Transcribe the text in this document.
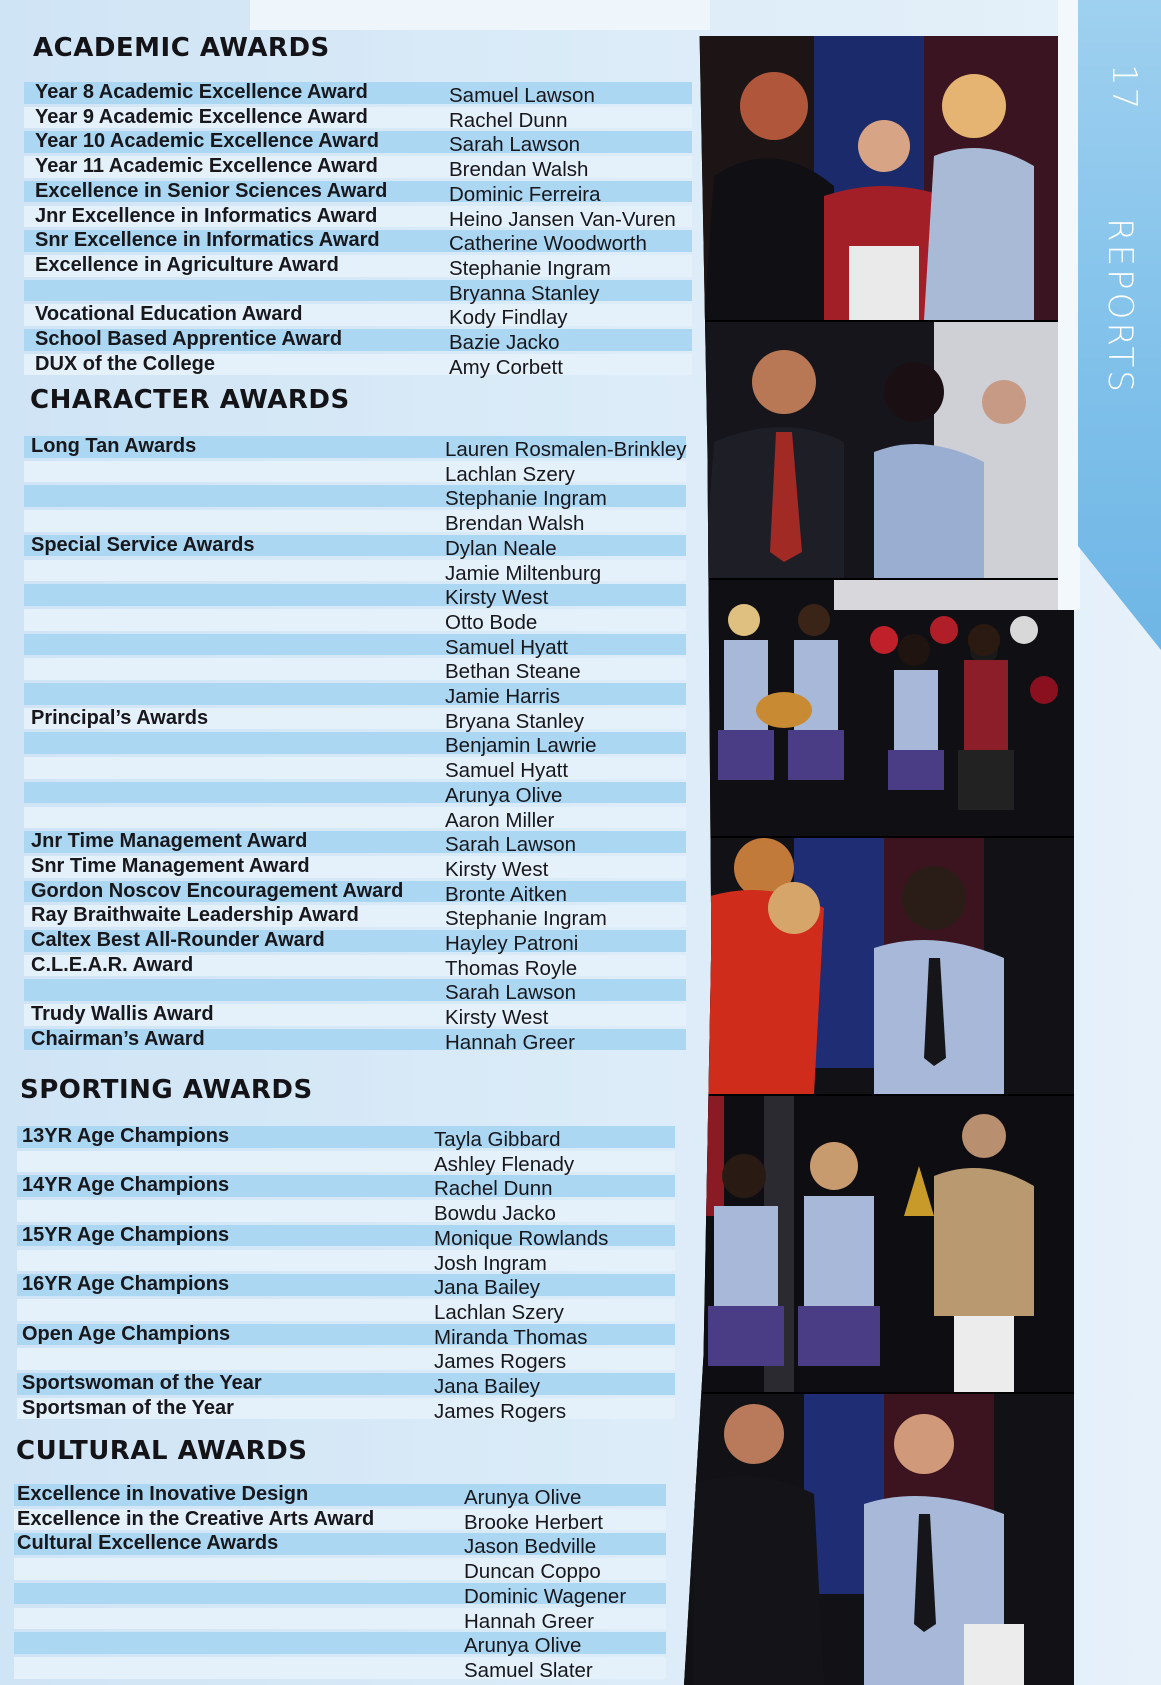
17
REPORTS
ACADEMIC AWARDS
Year 8 Academic Excellence Award	Samuel Lawson
Year 9 Academic Excellence Award	Rachel Dunn
Year 10 Academic Excellence Award	Sarah Lawson
Year 11 Academic Excellence Award	Brendan Walsh
Excellence in Senior Sciences Award	Dominic Ferreira
Jnr Excellence in Informatics Award	Heino Jansen Van-Vuren
Snr Excellence in Informatics Award	Catherine Woodworth
Excellence in Agriculture Award	Stephanie Ingram
Bryanna Stanley
Vocational Education Award	Kody Findlay
School Based Apprentice Award	Bazie Jacko
DUX of the College	Amy Corbett
CHARACTER AWARDS
Long Tan Awards	Lauren Rosmalen-Brinkley
Lachlan Szery
Stephanie Ingram
Brendan Walsh
Special Service Awards	Dylan Neale
Jamie Miltenburg
Kirsty West
Otto Bode
Samuel Hyatt
Bethan Steane
Jamie Harris
Principal’s Awards	Bryana Stanley
Benjamin Lawrie
Samuel Hyatt
Arunya Olive
Aaron Miller
Jnr Time Management Award	Sarah Lawson
Snr Time Management Award	Kirsty West
Gordon Noscov Encouragement Award Bronte Aitken
Ray Braithwaite Leadership Award	Stephanie Ingram
Caltex Best All-Rounder Award	Hayley Patroni
C.L.E.A.R. Award	Thomas Royle
Sarah Lawson
Trudy Wallis Award	Kirsty West
Chairman’s Award	Hannah Greer
SPORTING AWARDS
13YR Age Champions	Tayla Gibbard
Ashley Flenady
14YR Age Champions	Rachel Dunn
Bowdu Jacko
15YR Age Champions	Monique Rowlands
Josh Ingram
16YR Age Champions	Jana Bailey
Lachlan Szery
Open Age Champions	Miranda Thomas
James Rogers
Sportswoman of the Year	Jana Bailey
Sportsman of the Year	James Rogers
CULTURAL AWARDS
Excellence in Inovative Design	Arunya Olive
Excellence in the Creative Arts Award	Brooke Herbert
Cultural Excellence Awards	Jason Bedville
Duncan Coppo
Dominic Wagener
Hannah Greer
Arunya Olive
Samuel Slater
